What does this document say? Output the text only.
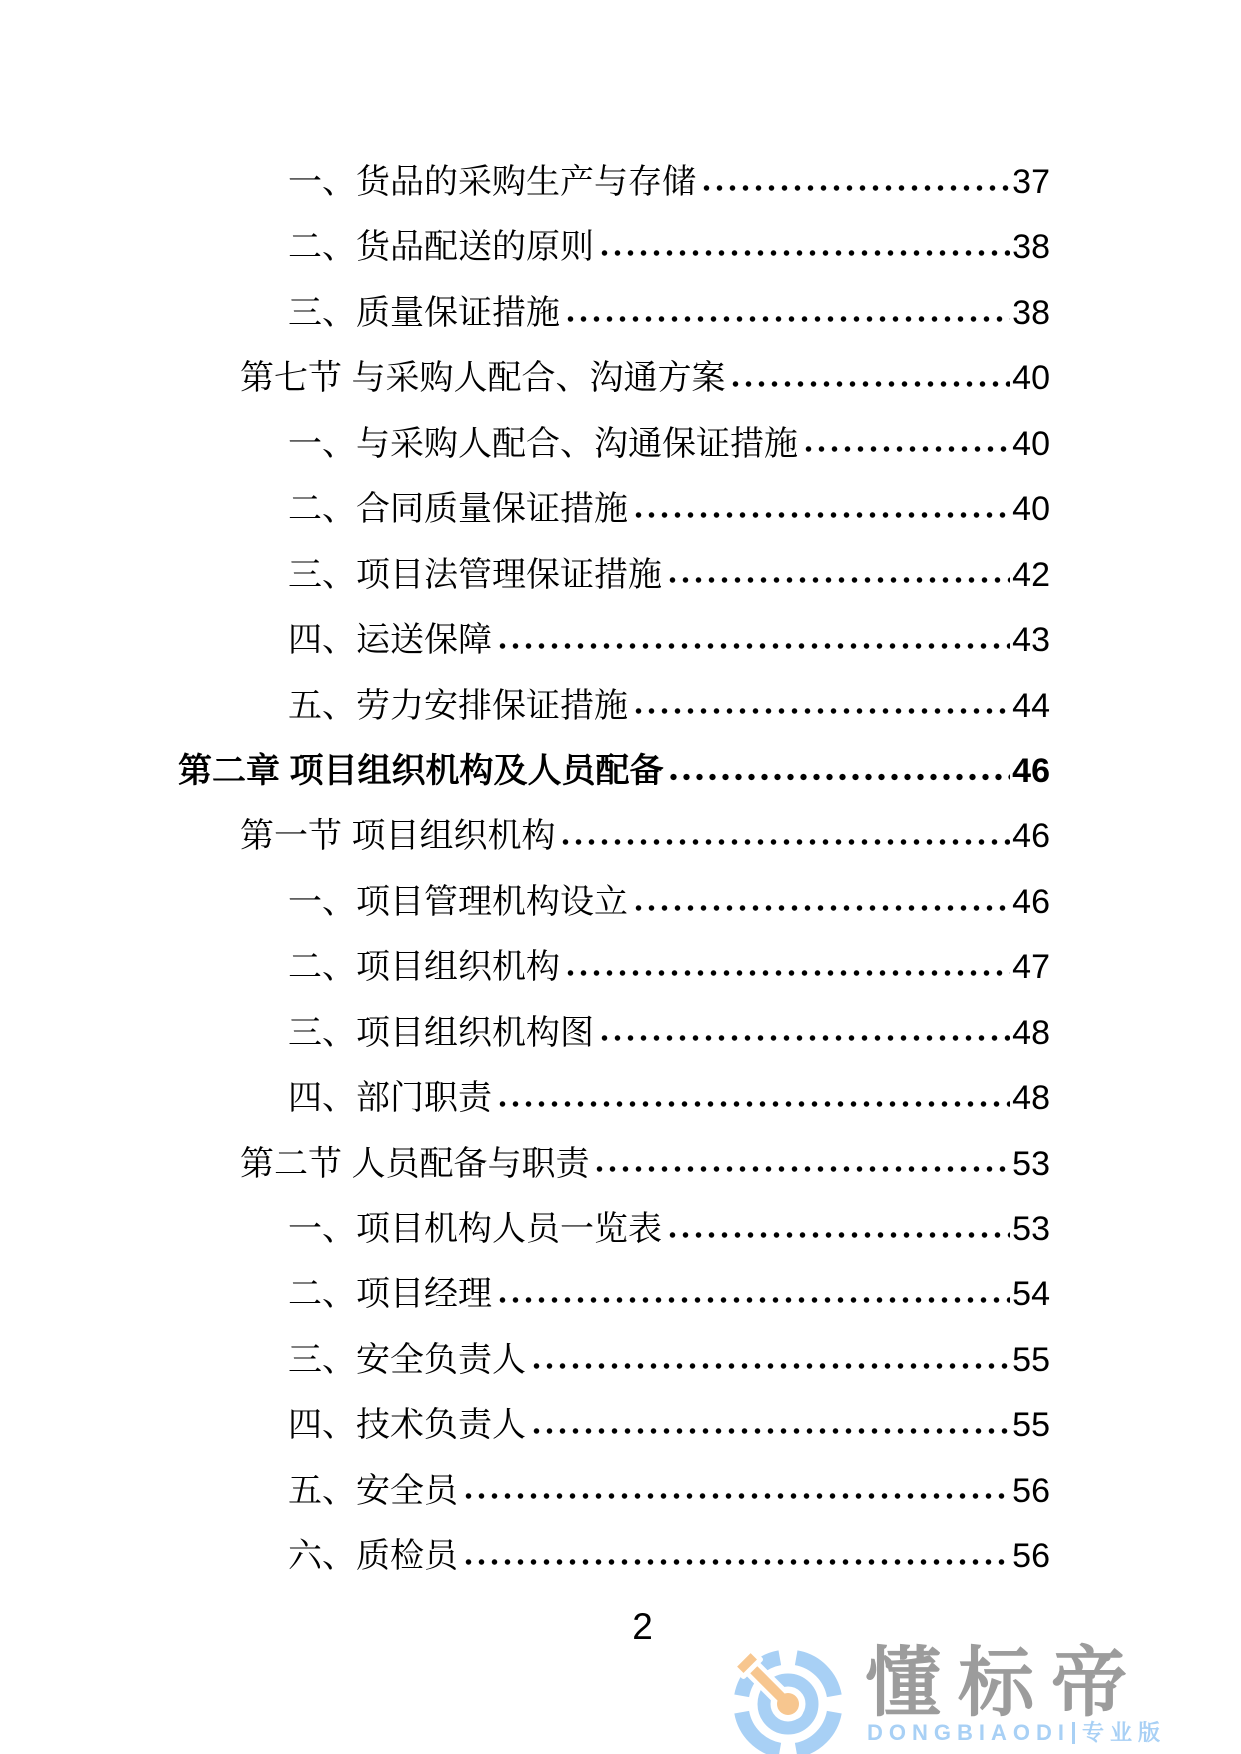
一、货品的采购生产与存储	37
二、货品配送的原则	38
三、质量保证措施	38
第七节 与采购人配合、沟通方案	40
一、与采购人配合、沟通保证措施	40
二、合同质量保证措施	40
三、项目法管理保证措施	42
四、运送保障	43
五、劳力安排保证措施	44
第二章 项目组织机构及人员配备	46
第一节 项目组织机构	46
一、项目管理机构设立	46
二、项目组织机构	47
三、项目组织机构图	48
四、部门职责	48
第二节 人员配备与职责	53
一、项目机构人员一览表	53
二、项目经理	54
三、安全负责人	55
四、技术负责人	55
五、安全员	56
六、质检员	56
2
懂标帝
DONGBIAODI 专业版
